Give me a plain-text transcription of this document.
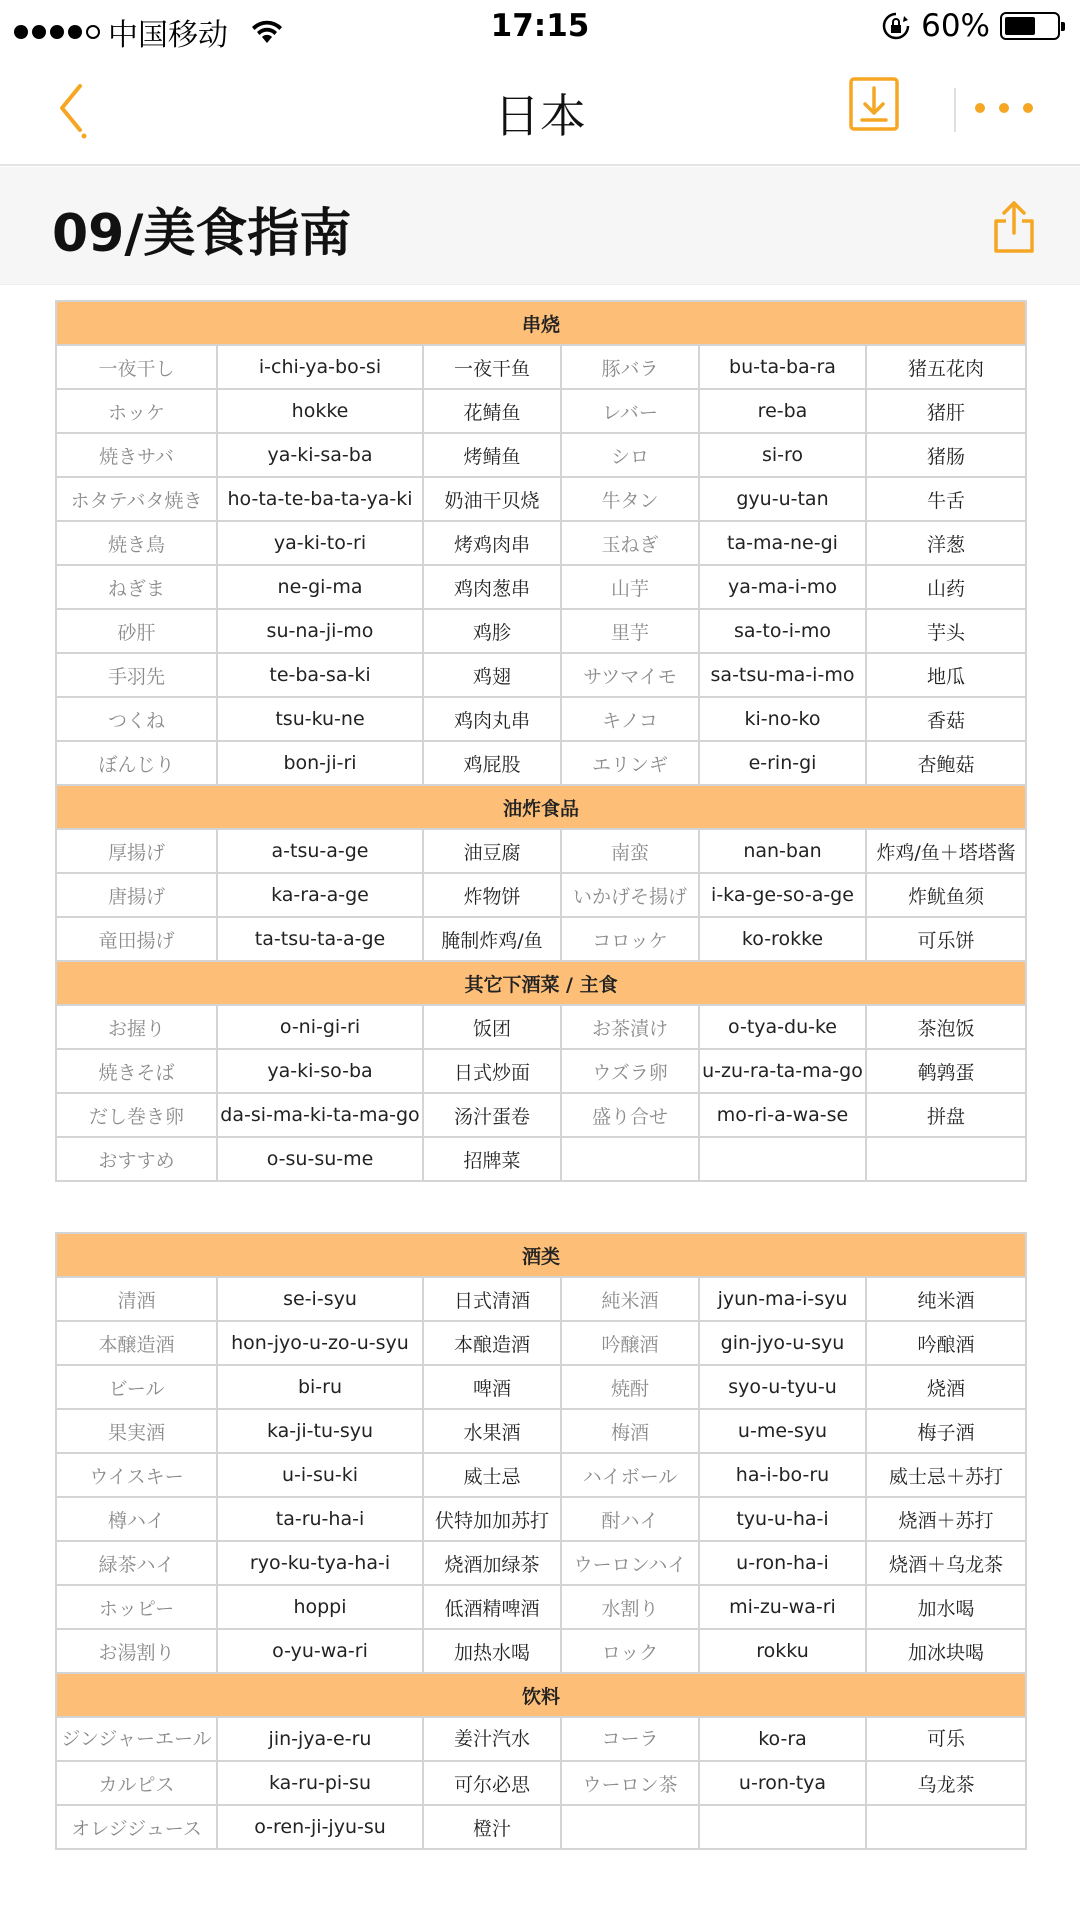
中国移动	17:15	60%
日本
09/美食指南
串烧					
一夜干し	i-chi-ya-bo-si	一夜干鱼	豚バラ	bu-ta-ba-ra	猪五花肉
ホッケ	hokke	花鲭鱼	レバー	re-ba	猪肝
焼きサバ	ya-ki-sa-ba	烤鲭鱼	シロ	si-ro	猪肠
ホタテバタ焼き	ho-ta-te-ba-ta-ya-ki	奶油干贝烧	牛タン	gyu-u-tan	牛舌
焼き鳥	ya-ki-to-ri	烤鸡肉串	玉ねぎ	ta-ma-ne-gi	洋葱
ねぎま	ne-gi-ma	鸡肉葱串	山芋	ya-ma-i-mo	山药
砂肝	su-na-ji-mo	鸡胗	里芋	sa-to-i-mo	芋头
手羽先	te-ba-sa-ki	鸡翅	サツマイモ	sa-tsu-ma-i-mo	地瓜
つくね	tsu-ku-ne	鸡肉丸串	キノコ	ki-no-ko	香菇
ぼんじり	bon-ji-ri	鸡屁股	エリンギ	e-rin-gi	杏鲍菇
油炸食品					
厚揚げ	a-tsu-a-ge	油豆腐	南蛮	nan-ban	炸鸡/鱼＋塔塔酱
唐揚げ	ka-ra-a-ge	炸物饼	いかげそ揚げ	i-ka-ge-so-a-ge	炸鱿鱼须
竜田揚げ	ta-tsu-ta-a-ge	腌制炸鸡/鱼	コロッケ	ko-rokke	可乐饼
其它下酒菜 / 主食					
お握り	o-ni-gi-ri	饭团	お茶漬け	o-tya-du-ke	茶泡饭
焼きそば	ya-ki-so-ba	日式炒面	ウズラ卵	u-zu-ra-ta-ma-go	鹌鹑蛋
だし巻き卵	da-si-ma-ki-ta-ma-go	汤汁蛋卷	盛り合せ	mo-ri-a-wa-se	拼盘
おすすめ	o-su-su-me	招牌菜			
酒类					
清酒	se-i-syu	日式清酒	純米酒	jyun-ma-i-syu	纯米酒
本醸造酒	hon-jyo-u-zo-u-syu	本酿造酒	吟醸酒	gin-jyo-u-syu	吟酿酒
ビール	bi-ru	啤酒	焼酎	syo-u-tyu-u	烧酒
果実酒	ka-ji-tu-syu	水果酒	梅酒	u-me-syu	梅子酒
ウイスキー	u-i-su-ki	威士忌	ハイボール	ha-i-bo-ru	威士忌＋苏打
樽ハイ	ta-ru-ha-i	伏特加加苏打	酎ハイ	tyu-u-ha-i	烧酒＋苏打
緑茶ハイ	ryo-ku-tya-ha-i	烧酒加绿茶	ウーロンハイ	u-ron-ha-i	烧酒＋乌龙茶
ホッピー	hoppi	低酒精啤酒	水割り	mi-zu-wa-ri	加水喝
お湯割り	o-yu-wa-ri	加热水喝	ロック	rokku	加冰块喝
饮料					
ジンジャーエール	jin-jya-e-ru	姜汁汽水	コーラ	ko-ra	可乐
カルピス	ka-ru-pi-su	可尔必思	ウーロン茶	u-ron-tya	乌龙茶
オレジジュース	o-ren-ji-jyu-su	橙汁			
